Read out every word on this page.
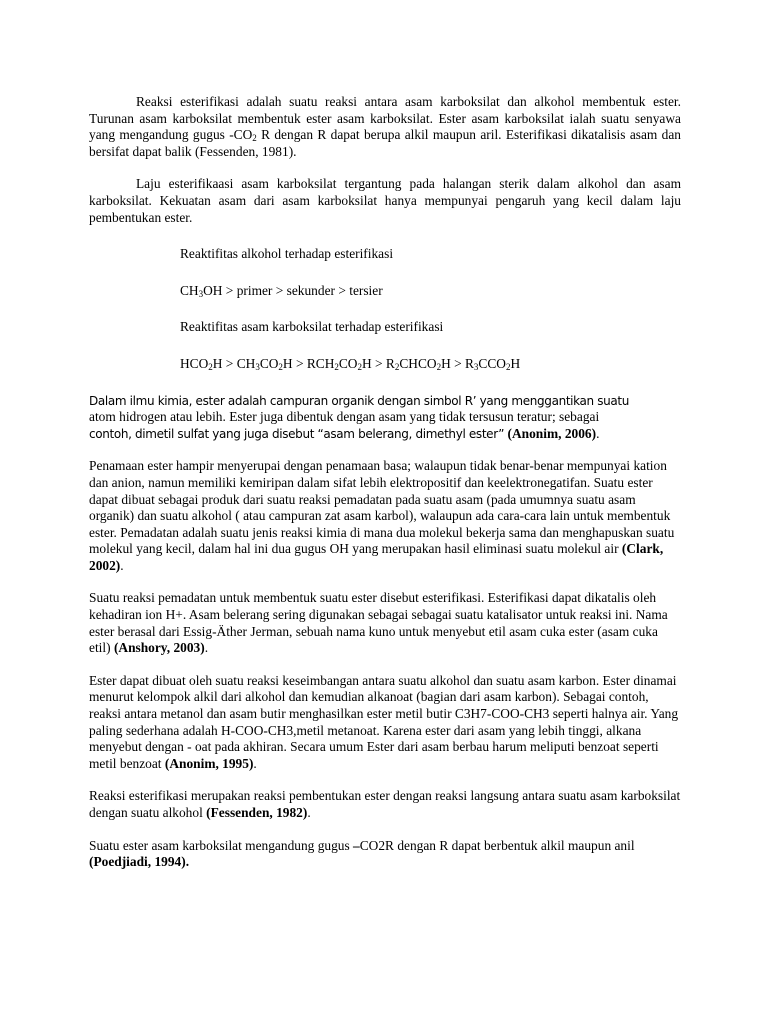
Reaksi esterifikasi adalah suatu reaksi antara asam karboksilat dan alkohol membentuk ester. Turunan asam karboksilat membentuk ester asam karboksilat. Ester asam karboksilat ialah suatu senyawa yang mengandung gugus $-CO_2$ R dengan R dapat berupa alkil maupun aril. Esterifikasi dikatalisis asam dan bersifat dapat balik (Fessenden, 1981).

Laju esterifikaasi asam karboksilat tergantung pada halangan sterik dalam alkohol dan asam karboksilat. Kekuatan asam dari asam karboksilat hanya mempunyai pengaruh yang kecil dalam laju pembentukan ester.

Reaktifitas alkohol terhadap esterifikasi

$CH_3OH$ > primer > sekunder > tersier

Reaktifitas asam karboksilat terhadap esterifikasi

$HCO_2H > CH_3CO_2H > RCH_2CO_2H$ > $R_2CHCO_2H > R_3CCO_2H$

Dalam ilmu kimia, ester adalah campuran organik dengan simbol R’ yang menggantikan suatu
atom hidrogen atau lebih. Ester juga dibentuk dengan asam yang tidak tersusun teratur; sebagai
contoh, dimetil sulfat yang juga disebut “asam belerang, dimethyl ester” (Anonim, 2006).

Penamaan ester hampir menyerupai dengan penamaan basa; walaupun tidak benar-benar mempunyai kation dan anion, namun memiliki kemiripan dalam sifat lebih elektropositif dan keelektronegatifan. Suatu ester dapat dibuat sebagai produk dari suatu reaksi pemadatan pada suatu asam (pada umumnya suatu asam organik) dan suatu alkohol ( atau campuran zat asam karbol), walaupun ada cara-cara lain untuk membentuk ester. Pemadatan adalah suatu jenis reaksi kimia di mana dua molekul bekerja sama dan menghapuskan suatu molekul yang kecil, dalam hal ini dua gugus OH yang merupakan hasil eliminasi suatu molekul air (Clark, 2002).

Suatu reaksi pemadatan untuk membentuk suatu ester disebut esterifikasi. Esterifikasi dapat dikatalis oleh kehadiran ion H+. Asam belerang sering digunakan sebagai sebagai suatu katalisator untuk reaksi ini. Nama ester berasal dari Essig-Äther Jerman, sebuah nama kuno untuk menyebut etil asam cuka ester (asam cuka etil) (Anshory, 2003).

Ester dapat dibuat oleh suatu reaksi keseimbangan antara suatu alkohol dan suatu asam karbon. Ester dinamai menurut kelompok alkil dari alkohol dan kemudian alkanoat (bagian dari asam karbon). Sebagai contoh, reaksi antara metanol dan asam butir menghasilkan ester metil butir C3H7-COO-CH3 seperti halnya air. Yang paling sederhana adalah H-COO-CH3,metil metanoat. Karena ester dari asam yang lebih tinggi, alkana menyebut dengan - oat pada akhiran. Secara umum Ester dari asam berbau harum meliputi benzoat seperti metil benzoat (Anonim, 1995).

Reaksi esterifikasi merupakan reaksi pembentukan ester dengan reaksi langsung antara suatu asam karboksilat dengan suatu alkohol (Fessenden, 1982).

Suatu ester asam karboksilat mengandung gugus –CO2R dengan R dapat berbentuk alkil maupun anil (Poedjiadi, 1994).
